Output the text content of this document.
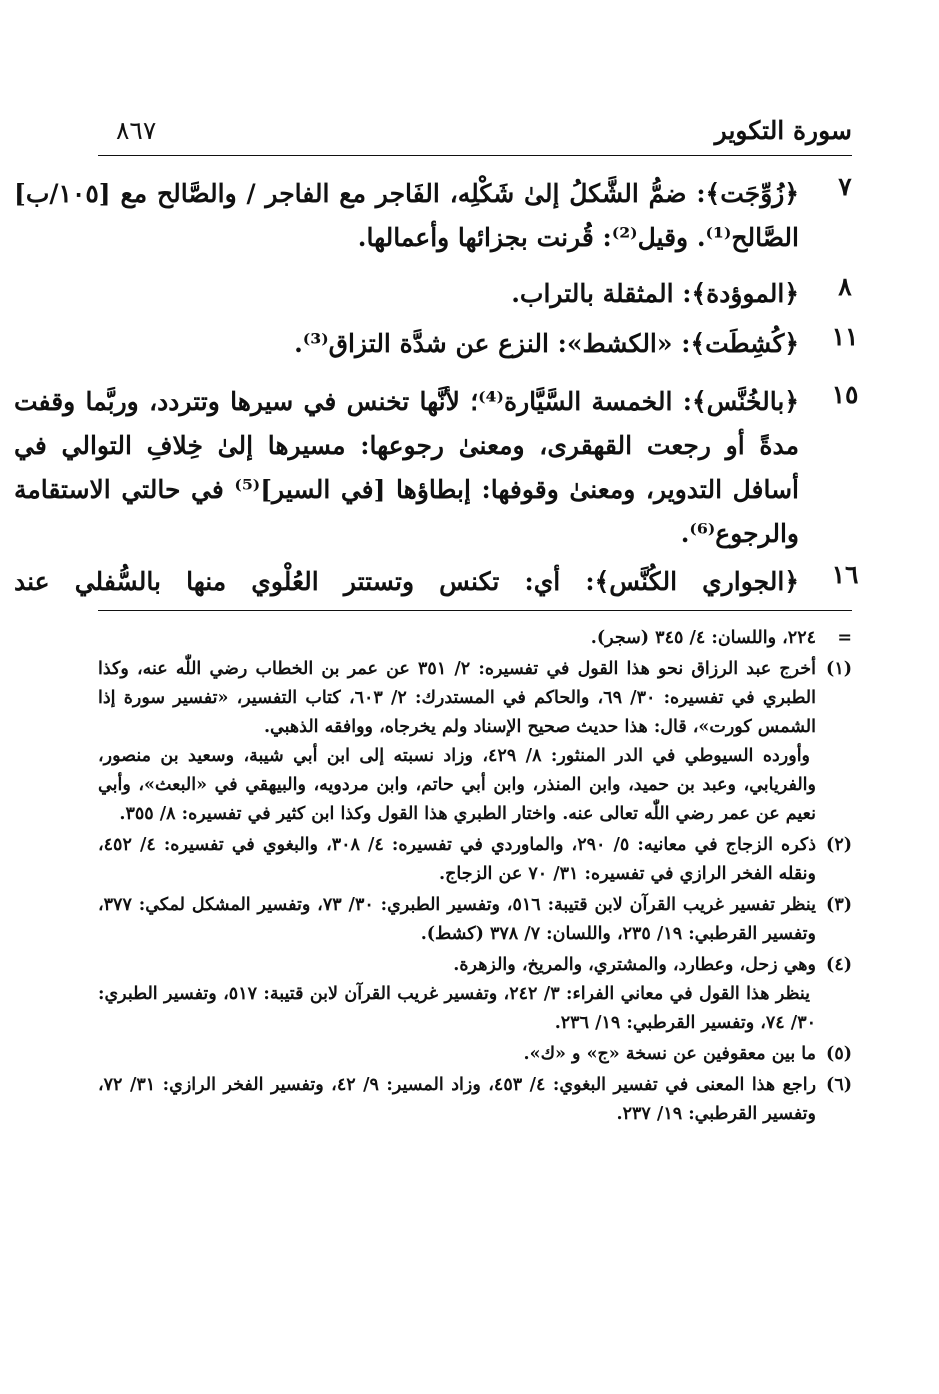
سورة التكوير
٨٦٧
٧
﴿زُوِّجَت﴾: ضمُّ الشَّكلُ إلىٰ شَكْلِه، الفَاجر مع الفاجر / والصَّالح مع [١٠٥/ب] الصَّالح⁽¹⁾. وقيل⁽²⁾: قُرنت بجزائها وأعمالها.
٨
﴿الموؤدة﴾: المثقلة بالتراب.
١١
﴿كُشِطَت﴾: «الكشط»: النزع عن شدَّة التزاق⁽³⁾.
١٥
﴿بالخُنَّس﴾: الخمسة السَّيَّارة⁽⁴⁾؛ لأنَّها تخنس في سيرها وتتردد، وربَّما وقفت مدةً أو رجعت القهقرى، ومعنىٰ رجوعها: مسيرها إلىٰ خِلافِ التوالي في أسافل التدوير، ومعنىٰ وقوفها: إبطاؤها [في السير]⁽⁵⁾ في حالتي الاستقامة والرجوع⁽⁶⁾.
١٦
﴿الجواري الكُنَّس﴾: أي: تكنس وتستتر العُلْوي منها بالسُّفلي عند
=

٢٢٤، واللسان: ٤/ ٣٤٥ (سجر).

(١)

أخرج عبد الرزاق نحو هذا القول في تفسيره: ٢/ ٣٥١ عن عمر بن الخطاب رضي اللّٰه عنه، وكذا الطبري في تفسيره: ٣٠/ ٦٩، والحاكم في المستدرك: ٢/ ٦٠٣، كتاب التفسير، «تفسير سورة إذا الشمس كورت»، قال: هذا حديث صحيح الإسناد ولم يخرجاه، ووافقه الذهبي.

وأورده السيوطي في الدر المنثور: ٨/ ٤٢٩، وزاد نسبته إلى ابن أبي شيبة، وسعيد بن منصور، والفريابي، وعبد بن حميد، وابن المنذر، وابن أبي حاتم، وابن مردويه، والبيهقي في «البعث»، وأبي نعيم عن عمر رضي اللّٰه تعالى عنه. واختار الطبري هذا القول وكذا ابن كثير في تفسيره: ٨/ ٣٥٥.

(٢)

ذكره الزجاج في معانيه: ٥/ ٢٩٠، والماوردي في تفسيره: ٤/ ٣٠٨، والبغوي في تفسيره: ٤/ ٤٥٢، ونقله الفخر الرازي في تفسيره: ٣١/ ٧٠ عن الزجاج.

(٣)

ينظر تفسير غريب القرآن لابن قتيبة: ٥١٦، وتفسير الطبري: ٣٠/ ٧٣، وتفسير المشكل لمكي: ٣٧٧، وتفسير القرطبي: ١٩/ ٢٣٥، واللسان: ٧/ ٣٧٨ (كشط).

(٤)

وهي زحل، وعطارد، والمشتري، والمريخ، والزهرة.

ينظر هذا القول في معاني الفراء: ٣/ ٢٤٢، وتفسير غريب القرآن لابن قتيبة: ٥١٧، وتفسير الطبري: ٣٠/ ٧٤، وتفسير القرطبي: ١٩/ ٢٣٦.

(٥)

ما بين معقوفين عن نسخة «ج» و «ك».

(٦)

راجع هذا المعنى في تفسير البغوي: ٤/ ٤٥٣، وزاد المسير: ٩/ ٤٢، وتفسير الفخر الرازي: ٣١/ ٧٢، وتفسير القرطبي: ١٩/ ٢٣٧.
